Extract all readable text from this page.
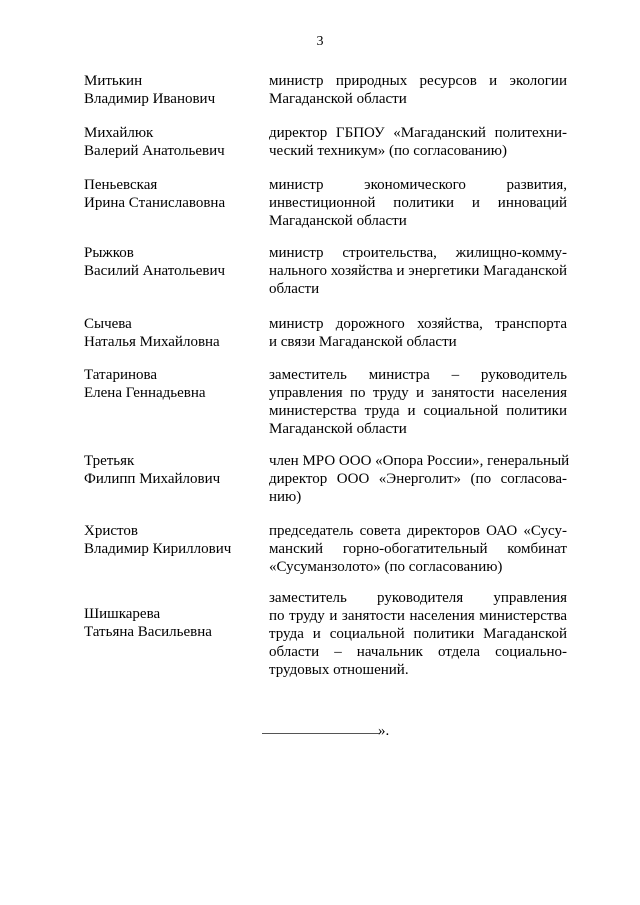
3
Митькин
Владимир Иванович
министр природных ресурсов и экологии
Магаданской области
Михайлюк
Валерий Анатольевич
директор ГБПОУ «Магаданский политехни-
ческий техникум» (по согласованию)
Пеньевская
Ирина Станиславовна
министр экономического развития,
инвестиционной политики и инноваций
Магаданской области
Рыжков
Василий Анатольевич
министр строительства, жилищно-комму-
нального хозяйства и энергетики Магаданской
области
Сычева
Наталья Михайловна
министр дорожного хозяйства, транспорта
и связи Магаданской области
Татаринова
Елена Геннадьевна
заместитель министра – руководитель
управления по труду и занятости населения
министерства труда и социальной политики
Магаданской области
Третьяк
Филипп Михайлович
член МРО ООО «Опора России», генеральный
директор ООО «Энерголит» (по согласова-
нию)
Христов
Владимир Кириллович
председатель совета директоров ОАО «Сусу-
манский горно-обогатительный комбинат
«Сусуманзолото» (по согласованию)
Шишкарева
Татьяна Васильевна
заместитель руководителя управления
по труду и занятости населения министерства
труда и социальной политики Магаданской
области – начальник отдела социально-
трудовых отношений.
».
